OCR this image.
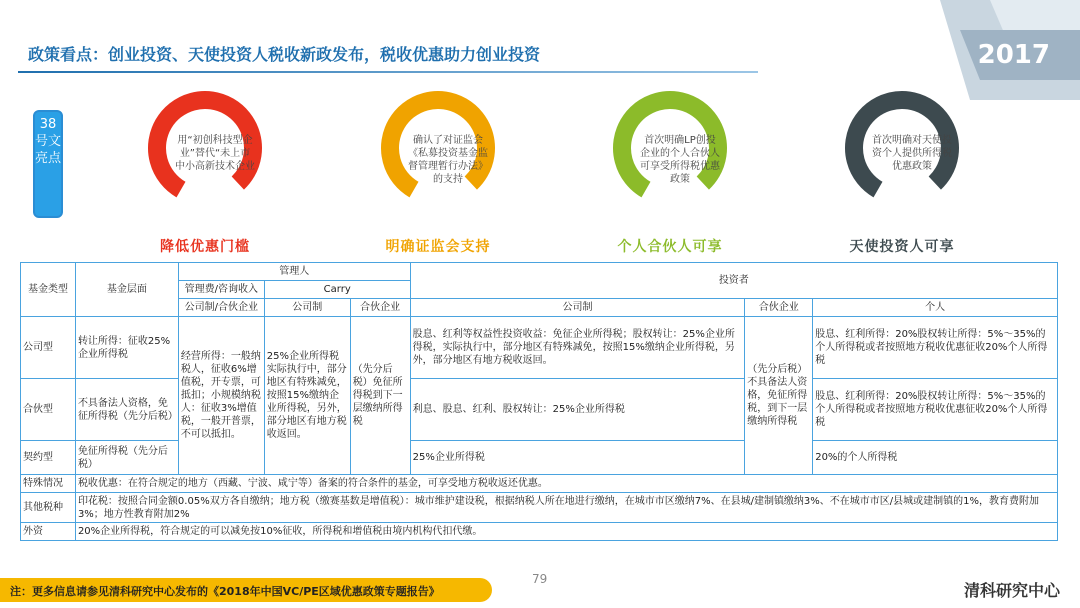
2017
政策看点：创业投资、天使投资人税收新政发布，税收优惠助力创业投资
38号文亮点
用“初创科技型企业”替代“未上市中小高新技术企业
降低优惠门槛
确认了对证监会《私募投资基金监督管理暂行办法》的支持
明确证监会支持
首次明确LP创投企业的个人合伙人可享受所得税优惠政策
个人合伙人可享
首次明确对天使投资个人提供所得税优惠政策
天使投资人可享
基金类型	基金层面	管理人			投资者		
		管理费/咨询收入	Carry				
		公司制/合伙企业	公司制	合伙企业	公司制	合伙企业	个人
公司型	转让所得：征收25%企业所得税	经营所得：一般纳税人，征收6%增值税，开专票，可抵扣；小规模纳税人：征收3%增值税，一般开普票，不可以抵扣。	25%企业所得税实际执行中，部分地区有特殊减免，按照15%缴纳企业所得税，另外，部分地区有地方税收返回。	（先分后税）免征所得税到下一层缴纳所得税	股息、红利等权益性投资收益：免征企业所得税；股权转让：25%企业所得税，实际执行中，部分地区有特殊减免，按照15%缴纳企业所得税，另外，部分地区有地方税收返回。	（先分后税）不具备法人资格，免征所得税，到下一层缴纳所得税	股息、红利所得：20%股权转让所得：5%～35%的个人所得税或者按照地方税收优惠征收20%个人所得税
合伙型	不具备法人资格，免征所得税（先分后税）				利息、股息、红利、股权转让：25%企业所得税		股息、红利所得：20%股权转让所得：5%～35%的个人所得税或者按照地方税收优惠征收20%个人所得税
契约型	免征所得税（先分后税）				25%企业所得税		20%的个人所得税
特殊情况	税收优惠：在符合规定的地方（西藏、宁波、咸宁等）备案的符合条件的基金，可享受地方税收返还优惠。						
其他税种	印花税：按照合同金额0.05%双方各自缴纳；地方税（缴赛基数是增值税）：城市维护建设税，根据纳税人所在地进行缴纳，在城市市区缴纳7%、在县城/建制镇缴纳3%、不在城市市区/县城或建制镇的1%，教育费附加3%；地方性教育附加2%						
外资	20%企业所得税，符合规定的可以减免按10%征收，所得税和增值税由境内机构代扣代缴。						
79
注：更多信息请参见清科研究中心发布的《2018年中国VC/PE区域优惠政策专题报告》	清科研究中心
